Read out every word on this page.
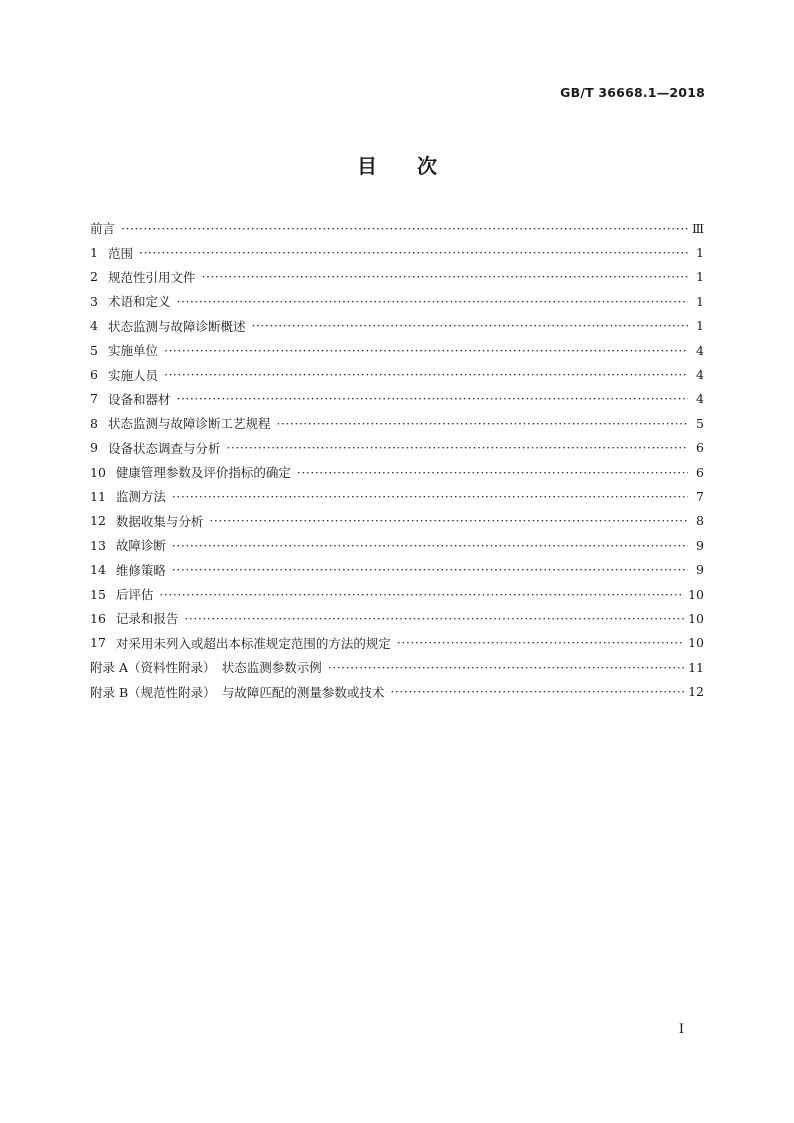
GB/T 36668.1—2018
目　　次
前言 ·····	Ⅲ
1 范围 ·····	1
2 规范性引用文件 ·····	1
3 术语和定义 ·····	1
4 状态监测与故障诊断概述 ·····	1
5 实施单位 ·····	4
6 实施人员 ·····	4
7 设备和器材 ·····	4
8 状态监测与故障诊断工艺规程 ·····	5
9 设备状态调查与分析 ·····	6
10 健康管理参数及评价指标的确定 ·····	6
11 监测方法 ·····	7
12 数据收集与分析 ·····	8
13 故障诊断 ·····	9
14 维修策略 ·····	9
15 后评估 ·····	10
16 记录和报告 ·····	10
17 对采用未列入或超出本标准规定范围的方法的规定 ·····	10
附录 A（资料性附录）　状态监测参数示例 ·····	11
附录 B（规范性附录）　与故障匹配的测量参数或技术 ·····	12
Ⅰ
